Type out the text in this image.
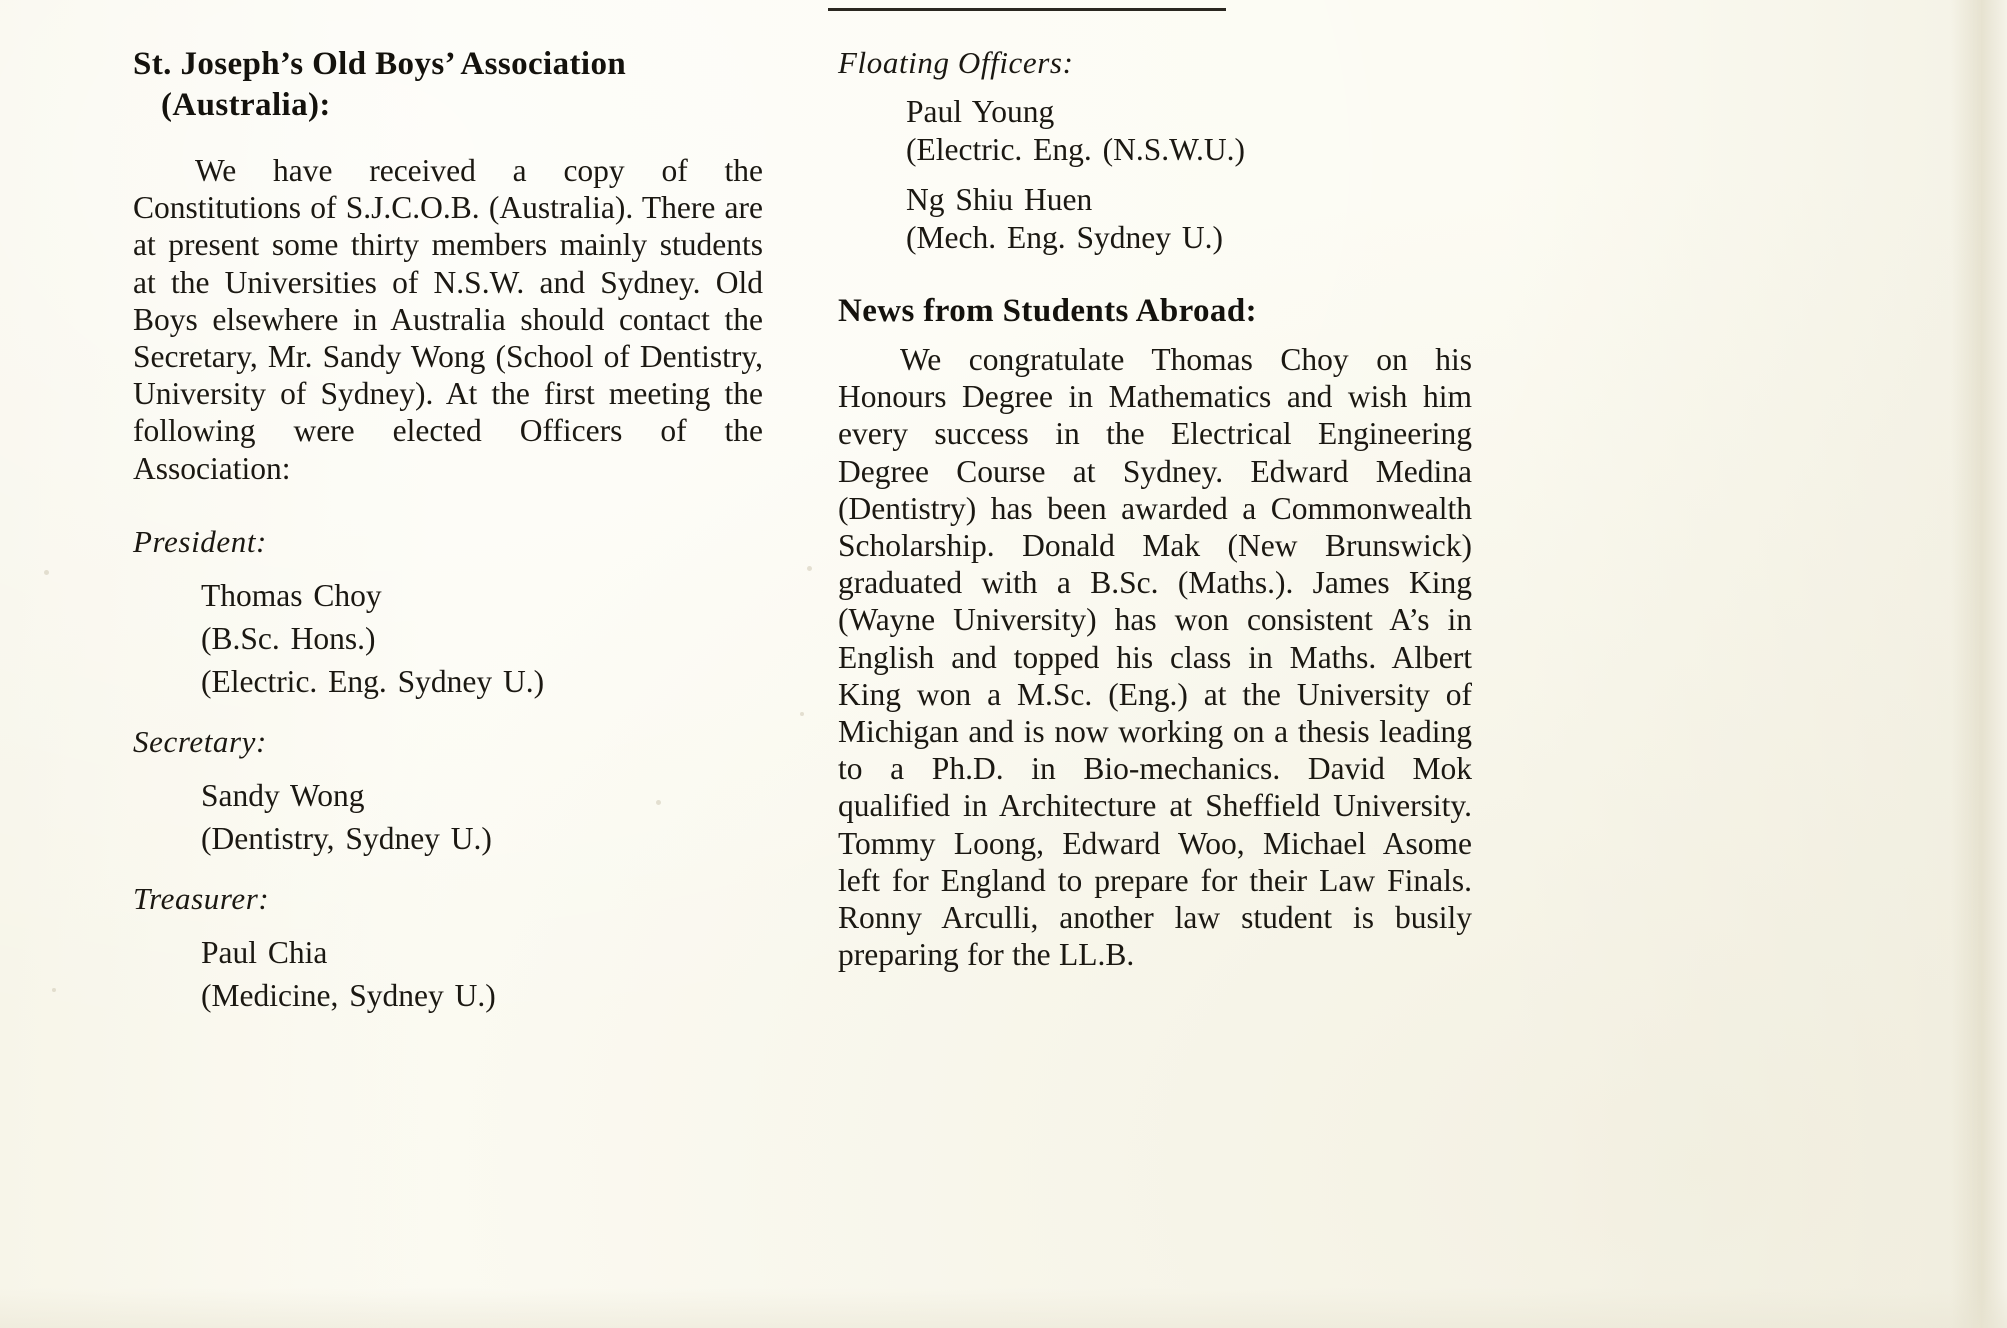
St. Joseph’s Old Boys’ Association
(Australia):

We have received a copy of the Constitutions of S.J.C.O.B. (Australia). There are at present some thirty members mainly students at the Universities of N.S.W. and Sydney. Old Boys elsewhere in Australia should contact the Secretary, Mr. Sandy Wong (School of Dentistry, University of Sydney). At the first meeting the following were elected Officers of the Association:

President:

Thomas Choy

(B.Sc. Hons.)

(Electric. Eng. Sydney U.)

Secretary:

Sandy Wong

(Dentistry, Sydney U.)

Treasurer:

Paul Chia

(Medicine, Sydney U.)

Floating Officers:

Paul Young

(Electric. Eng. (N.S.W.U.)

Ng Shiu Huen

(Mech. Eng. Sydney U.)

News from Students Abroad:

We congratulate Thomas Choy on his Honours Degree in Mathematics and wish him every success in the Electrical Engineering Degree Course at Sydney. Edward Medina (Dentistry) has been awarded a Commonwealth Scholarship. Donald Mak (New Brunswick) graduated with a B.Sc. (Maths.). James King (Wayne University) has won consistent A’s in English and topped his class in Maths. Albert King won a M.Sc. (Eng.) at the University of Michigan and is now working on a thesis leading to a Ph.D. in Bio-mechanics. David Mok qualified in Architecture at Sheffield University. Tommy Loong, Edward Woo, Michael Asome left for England to prepare for their Law Finals. Ronny Arculli, another law student is busily preparing for the LL.B.
